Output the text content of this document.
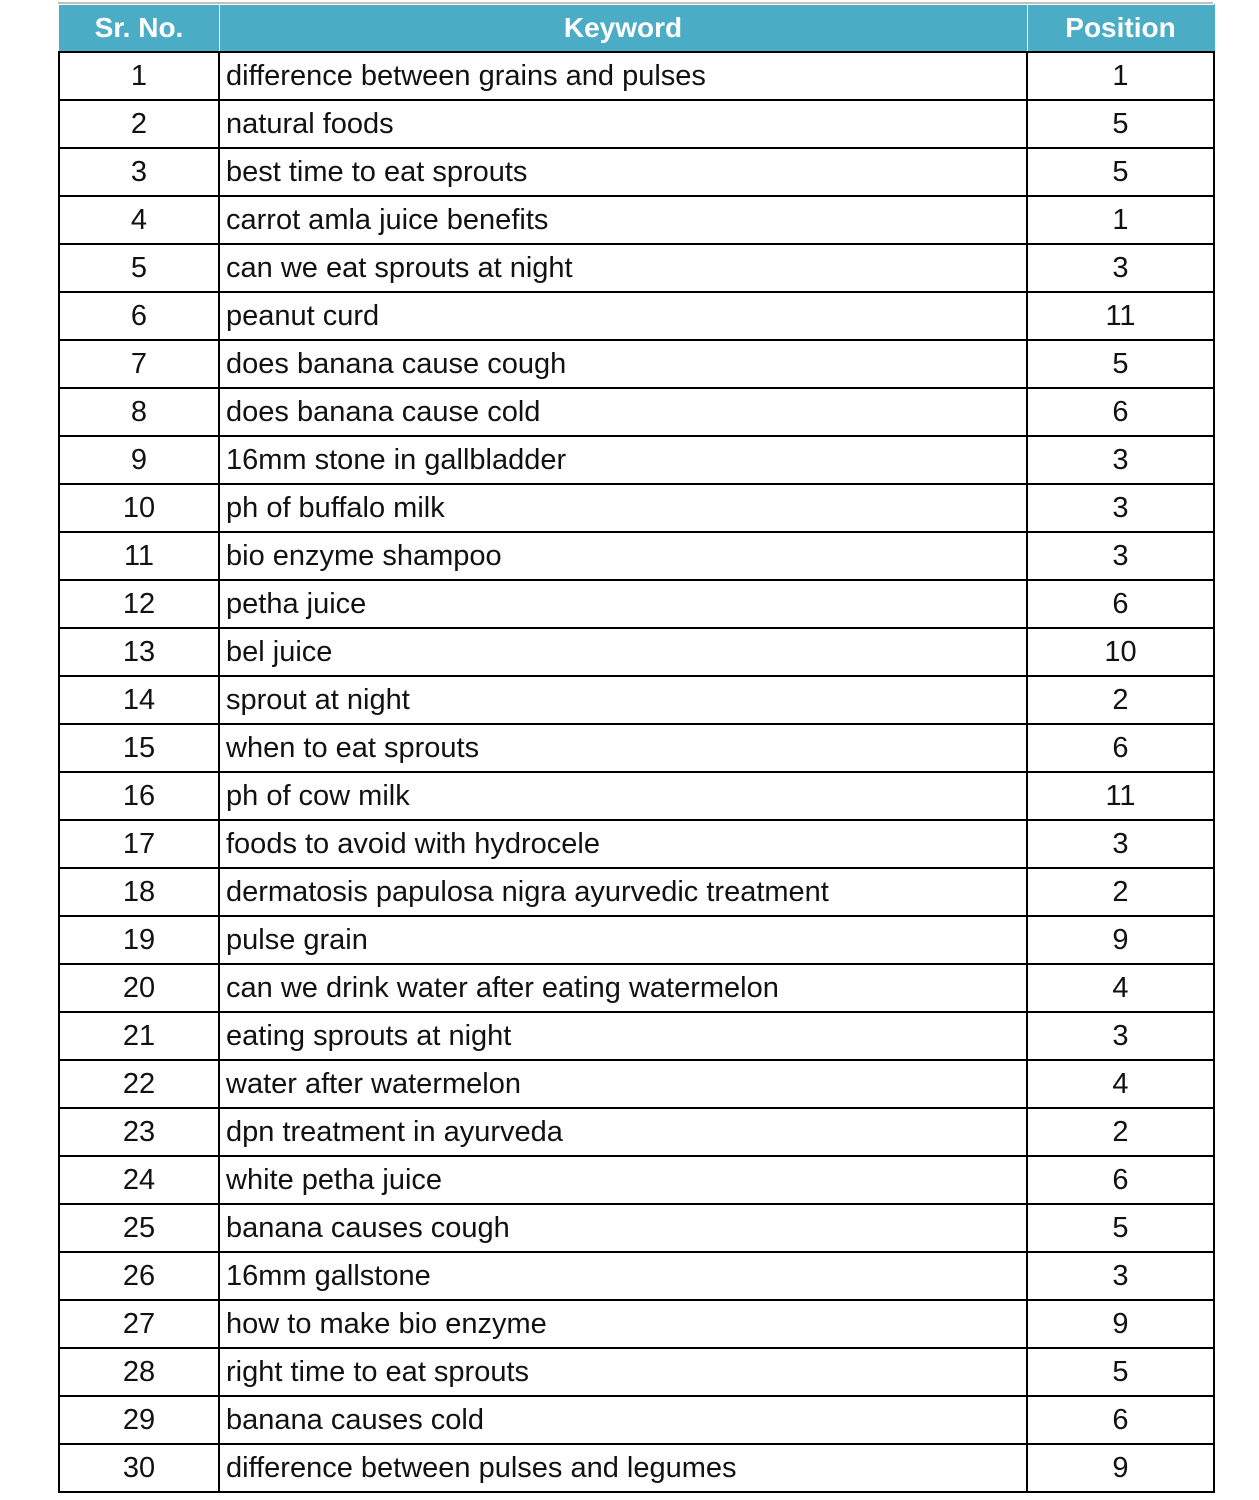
Sr. No.	Keyword	Position
1	difference between grains and pulses	1
2	natural foods	5
3	best time to eat sprouts	5
4	carrot amla juice benefits	1
5	can we eat sprouts at night	3
6	peanut curd	11
7	does banana cause cough	5
8	does banana cause cold	6
9	16mm stone in gallbladder	3
10	ph of buffalo milk	3
11	bio enzyme shampoo	3
12	petha juice	6
13	bel juice	10
14	sprout at night	2
15	when to eat sprouts	6
16	ph of cow milk	11
17	foods to avoid with hydrocele	3
18	dermatosis papulosa nigra ayurvedic treatment	2
19	pulse grain	9
20	can we drink water after eating watermelon	4
21	eating sprouts at night	3
22	water after watermelon	4
23	dpn treatment in ayurveda	2
24	white petha juice	6
25	banana causes cough	5
26	16mm gallstone	3
27	how to make bio enzyme	9
28	right time to eat sprouts	5
29	banana causes cold	6
30	difference between pulses and legumes	9
